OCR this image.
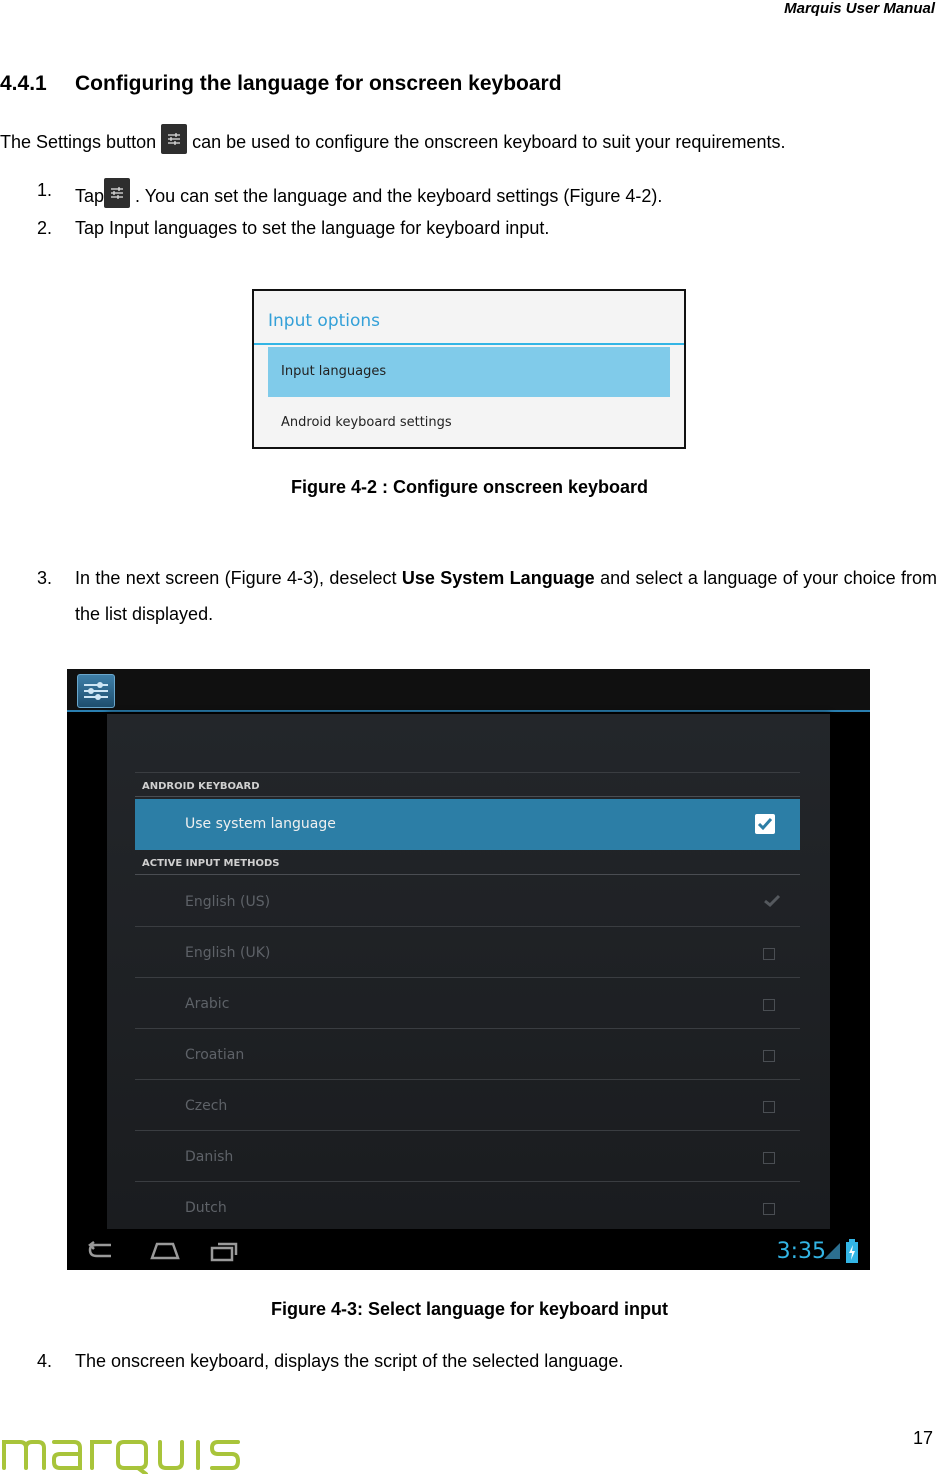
Marquis User Manual
4.4.1 Configuring the language for onscreen keyboard
The Settings button
can be used to configure the onscreen keyboard to suit your requirements.
1. Tap
. You can set the language and the keyboard settings (Figure 4-2).
2. Tap Input languages to set the language for keyboard input.
Input options
Input languages
Android keyboard settings
Figure 4-2 : Configure onscreen keyboard
3. In the next screen (Figure 4-3), deselect Use System Language and select a language of your choice from the list displayed.
ANDROID KEYBOARD
Use system language
ACTIVE INPUT METHODS
English (US)
English (UK)
Arabic
Croatian
Czech
Danish
Dutch
3:35
Figure 4-3: Select language for keyboard input
4. The onscreen keyboard, displays the script of the selected language.
17
